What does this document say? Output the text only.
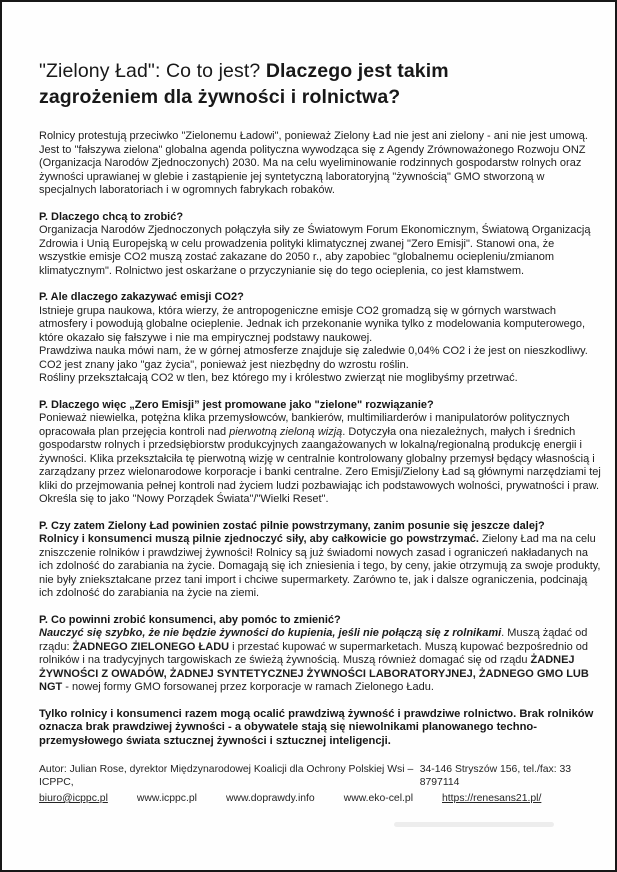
"Zielony Ład": Co to jest? Dlaczego jest takim
zagrożeniem dla żywności i rolnictwa?

Rolnicy protestują przeciwko "Zielonemu Ładowi", ponieważ Zielony Ład nie jest ani zielony - ani nie jest umową. Jest to "fałszywa zielona" globalna agenda polityczna wywodząca się z Agendy Zrównoważonego Rozwoju ONZ (Organizacja Narodów Zjednoczonych) 2030. Ma na celu wyeliminowanie rodzinnych gospodarstw rolnych oraz żywności uprawianej w glebie i zastąpienie jej syntetyczną laboratoryjną "żywnością" GMO stworzoną w specjalnych laboratoriach i w ogromnych fabrykach robaków.

P. Dlaczego chcą to zrobić?
Organizacja Narodów Zjednoczonych połączyła siły ze Światowym Forum Ekonomicznym, Światową Organizacją Zdrowia i Unią Europejską w celu prowadzenia polityki klimatycznej zwanej "Zero Emisji". Stanowi ona, że wszystkie emisje CO2 muszą zostać zakazane do 2050 r., aby zapobiec "globalnemu ociepleniu/zmianom klimatycznym". Rolnictwo jest oskarżane o przyczynianie się do tego ocieplenia, co jest kłamstwem.
P. Ale dlaczego zakazywać emisji CO2?
Istnieje grupa naukowa, która wierzy, że antropogeniczne emisje CO2 gromadzą się w górnych warstwach atmosfery i powodują globalne ocieplenie. Jednak ich przekonanie wynika tylko z modelowania komputerowego, które okazało się fałszywe i nie ma empirycznej podstawy naukowej.
Prawdziwa nauka mówi nam, że w górnej atmosferze znajduje się zaledwie 0,04% CO2 i że jest on nieszkodliwy. CO2 jest znany jako "gaz życia", ponieważ jest niezbędny do wzrostu roślin.
Rośliny przekształcają CO2 w tlen, bez którego my i królestwo zwierząt nie moglibyśmy przetrwać.
P. Dlaczego więc „Zero Emisji” jest promowane jako "zielone" rozwiązanie?
Ponieważ niewielka, potężna klika przemysłowców, bankierów, multimiliarderów i manipulatorów politycznych opracowała plan przejęcia kontroli nad pierwotną zieloną wizją. Dotyczyła ona niezależnych, małych i średnich gospodarstw rolnych i przedsiębiorstw produkcyjnych zaangażowanych w lokalną/regionalną produkcję energii i żywności. Klika przekształciła tę pierwotną wizję w centralnie kontrolowany globalny przemysł będący własnością i zarządzany przez wielonarodowe korporacje i banki centralne. Zero Emisji/Zielony Ład są głównymi narzędziami tej kliki do przejmowania pełnej kontroli nad życiem ludzi pozbawiając ich podstawowych wolności, prywatności i praw. Określa się to jako "Nowy Porządek Świata"/"Wielki Reset".
P. Czy zatem Zielony Ład powinien zostać pilnie powstrzymany, zanim posunie się jeszcze dalej?
Rolnicy i konsumenci muszą pilnie zjednoczyć siły, aby całkowicie go powstrzymać. Zielony Ład ma na celu zniszczenie rolników i prawdziwej żywności! Rolnicy są już świadomi nowych zasad i ograniczeń nakładanych na ich zdolność do zarabiania na życie. Domagają się ich zniesienia i tego, by ceny, jakie otrzymują za swoje produkty, nie były zniekształcane przez tani import i chciwe supermarkety. Zarówno te, jak i dalsze ograniczenia, podcinają ich zdolność do zarabiania na życie na ziemi.
P. Co powinni zrobić konsumenci, aby pomóc to zmienić?
Nauczyć się szybko, że nie będzie żywności do kupienia, jeśli nie połączą się z rolnikami. Muszą żądać od rządu: ŻADNEGO ZIELONEGO ŁADU i przestać kupować w supermarketach. Muszą kupować bezpośrednio od rolników i na tradycyjnych targowiskach ze świeżą żywnością. Muszą również domagać się od rządu ŻADNEJ ŻYWNOŚCI Z OWADÓW, ŻADNEJ SYNTETYCZNEJ ŻYWNOŚCI LABORATORYJNEJ, ŻADNEGO GMO LUB NGT - nowej formy GMO forsowanej przez korporacje w ramach Zielonego Ładu.

Tylko rolnicy i konsumenci razem mogą ocalić prawdziwą żywność i prawdziwe rolnictwo. Brak rolników oznacza brak prawdziwej żywności - a obywatele stają się niewolnikami planowanego techno-przemysłowego świata sztucznej żywności i sztucznej inteligencji.

Autor: Julian Rose, dyrektor Międzynarodowej Koalicji dla Ochrony Polskiej Wsi – ICPPC,
34-146 Stryszów 156, tel./fax: 33 8797114
biuro@icppc.pl	www.icppc.pl	www.doprawdy.info	www.eko-cel.pl	https://renesans21.pl/
